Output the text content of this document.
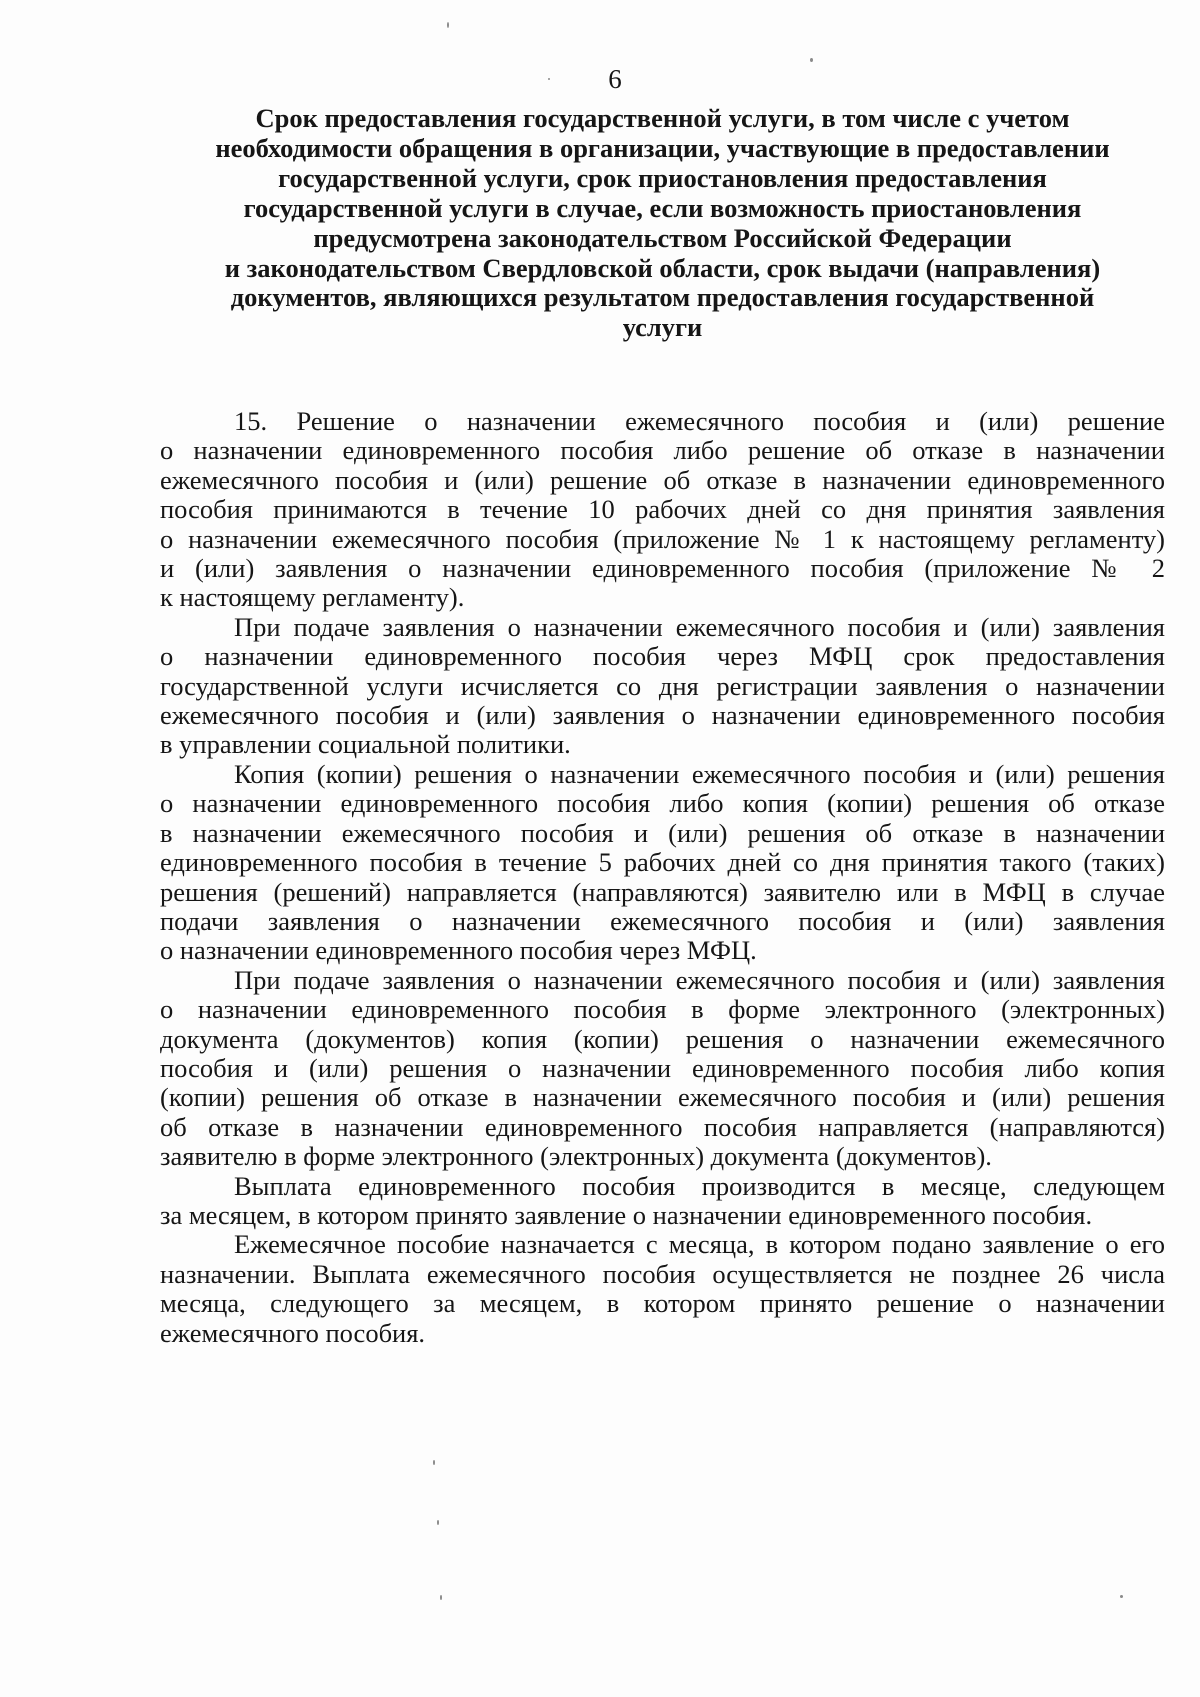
6
Срок предоставления государственной услуги, в том числе с учетом
необходимости обращения в организации, участвующие в предоставлении
государственной услуги, срок приостановления предоставления
государственной услуги в случае, если возможность приостановления
предусмотрена законодательством Российской Федерации
и законодательством Свердловской области, срок выдачи (направления)
документов, являющихся результатом предоставления государственной
услуги

15. Решение о назначении ежемесячного пособия и (или) решение
о назначении единовременного пособия либо решение об отказе в назначении
ежемесячного пособия и (или) решение об отказе в назначении единовременного
пособия принимаются в течение 10 рабочих дней со дня принятия заявления
о назначении ежемесячного пособия (приложение № 1 к настоящему регламенту)
и (или) заявления о назначении единовременного пособия (приложение № 2
к настоящему регламенту).

При подаче заявления о назначении ежемесячного пособия и (или) заявления
о назначении единовременного пособия через МФЦ срок предоставления
государственной услуги исчисляется со дня регистрации заявления о назначении
ежемесячного пособия и (или) заявления о назначении единовременного пособия
в управлении социальной политики.

Копия (копии) решения о назначении ежемесячного пособия и (или) решения
о назначении единовременного пособия либо копия (копии) решения об отказе
в назначении ежемесячного пособия и (или) решения об отказе в назначении
единовременного пособия в течение 5 рабочих дней со дня принятия такого (таких)
решения (решений) направляется (направляются) заявителю или в МФЦ в случае
подачи заявления о назначении ежемесячного пособия и (или) заявления
о назначении единовременного пособия через МФЦ.

При подаче заявления о назначении ежемесячного пособия и (или) заявления
о назначении единовременного пособия в форме электронного (электронных)
документа (документов) копия (копии) решения о назначении ежемесячного
пособия и (или) решения о назначении единовременного пособия либо копия
(копии) решения об отказе в назначении ежемесячного пособия и (или) решения
об отказе в назначении единовременного пособия направляется (направляются)
заявителю в форме электронного (электронных) документа (документов).

Выплата единовременного пособия производится в месяце, следующем
за месяцем, в котором принято заявление о назначении единовременного пособия.

Ежемесячное пособие назначается с месяца, в котором подано заявление о его
назначении. Выплата ежемесячного пособия осуществляется не позднее 26 числа
месяца, следующего за месяцем, в котором принято решение о назначении
ежемесячного пособия.
